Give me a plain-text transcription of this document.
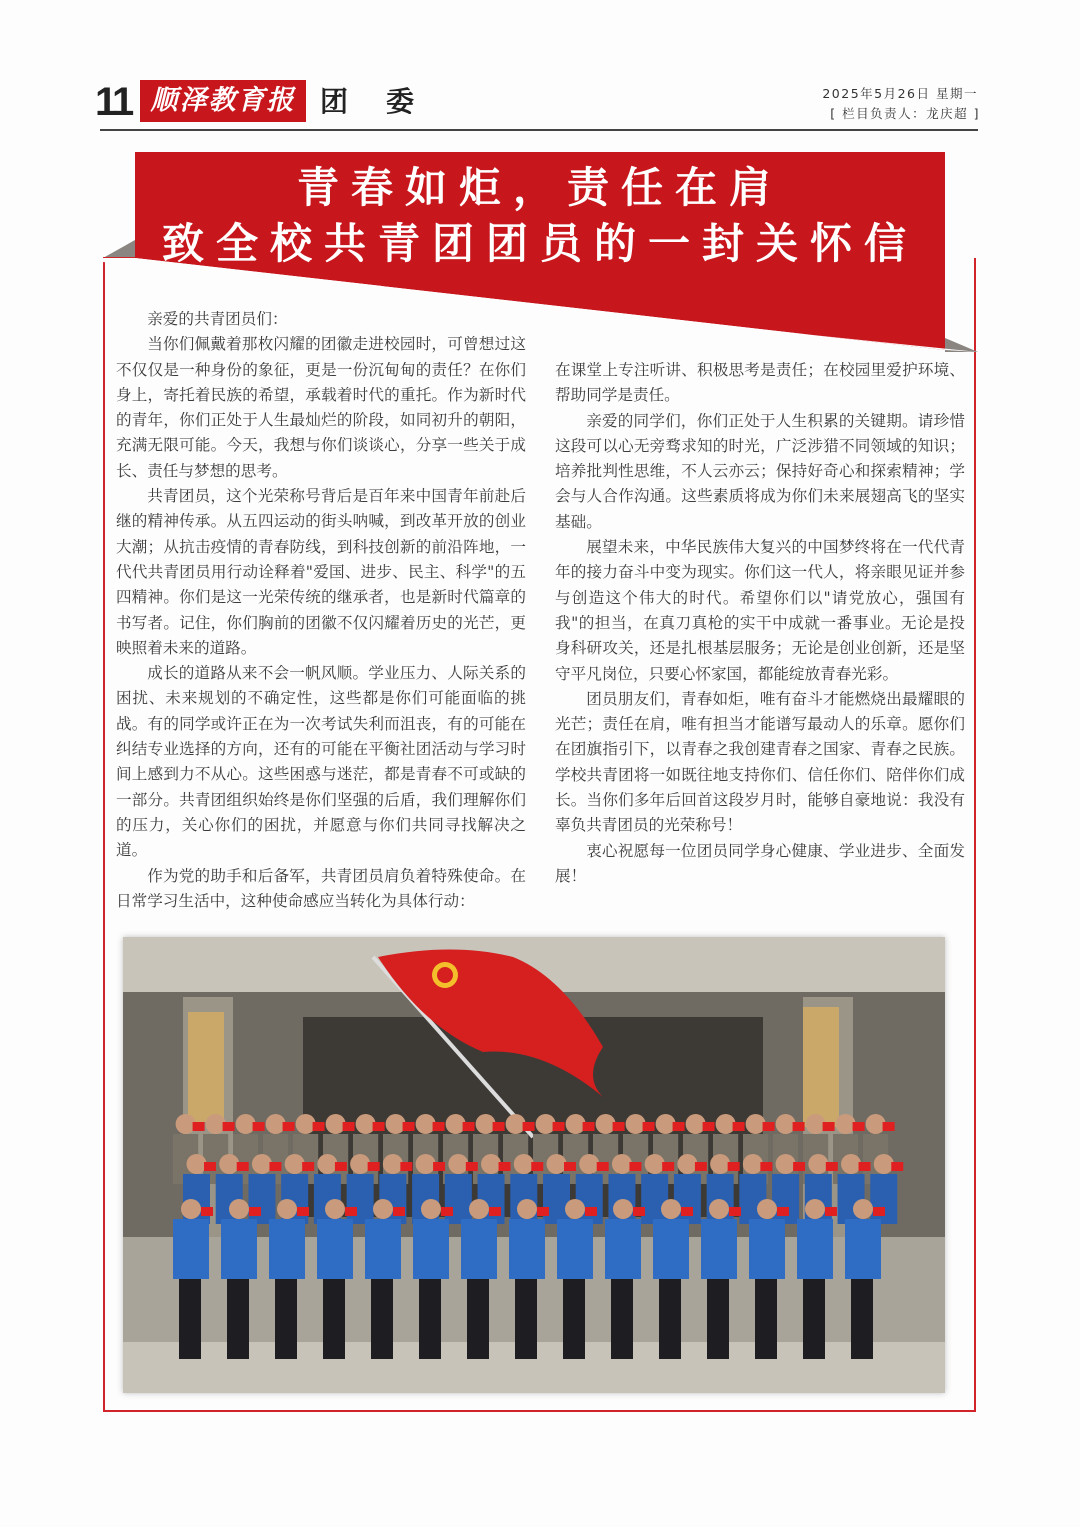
11 顺泽教育报 团委	2025年5月26日 星期一
[ 栏目负责人：龙庆超 ]
青春如炬，责任在肩
致全校共青团团员的一封关怀信

亲爱的共青团员们：

当你们佩戴着那枚闪耀的团徽走进校园时，可曾想过这不仅仅是一种身份的象征，更是一份沉甸甸的责任？在你们身上，寄托着民族的希望，承载着时代的重托。作为新时代的青年，你们正处于人生最灿烂的阶段，如同初升的朝阳，充满无限可能。今天，我想与你们谈谈心，分享一些关于成长、责任与梦想的思考。

共青团员，这个光荣称号背后是百年来中国青年前赴后继的精神传承。从五四运动的街头呐喊，到改革开放的创业大潮；从抗击疫情的青春防线，到科技创新的前沿阵地，一代代共青团员用行动诠释着"爱国、进步、民主、科学"的五四精神。你们是这一光荣传统的继承者，也是新时代篇章的书写者。记住，你们胸前的团徽不仅闪耀着历史的光芒，更映照着未来的道路。

成长的道路从来不会一帆风顺。学业压力、人际关系的困扰、未来规划的不确定性，这些都是你们可能面临的挑战。有的同学或许正在为一次考试失利而沮丧，有的可能在纠结专业选择的方向，还有的可能在平衡社团活动与学习时间上感到力不从心。这些困惑与迷茫，都是青春不可或缺的一部分。共青团组织始终是你们坚强的后盾，我们理解你们的压力，关心你们的困扰，并愿意与你们共同寻找解决之道。

作为党的助手和后备军，共青团员肩负着特殊使命。在日常学习生活中，这种使命感应当转化为具体行动：

在课堂上专注听讲、积极思考是责任；在校园里爱护环境、帮助同学是责任。

亲爱的同学们，你们正处于人生积累的关键期。请珍惜这段可以心无旁骛求知的时光，广泛涉猎不同领域的知识；培养批判性思维，不人云亦云；保持好奇心和探索精神；学会与人合作沟通。这些素质将成为你们未来展翅高飞的坚实基础。

展望未来，中华民族伟大复兴的中国梦终将在一代代青年的接力奋斗中变为现实。你们这一代人，将亲眼见证并参与创造这个伟大的时代。希望你们以"请党放心，强国有我"的担当，在真刀真枪的实干中成就一番事业。无论是投身科研攻关，还是扎根基层服务；无论是创业创新，还是坚守平凡岗位，只要心怀家国，都能绽放青春光彩。

团员朋友们，青春如炬，唯有奋斗才能燃烧出最耀眼的光芒；责任在肩，唯有担当才能谱写最动人的乐章。愿你们在团旗指引下，以青春之我创建青春之国家、青春之民族。学校共青团将一如既往地支持你们、信任你们、陪伴你们成长。当你们多年后回首这段岁月时，能够自豪地说：我没有辜负共青团员的光荣称号！

衷心祝愿每一位团员同学身心健康、学业进步、全面发展！
